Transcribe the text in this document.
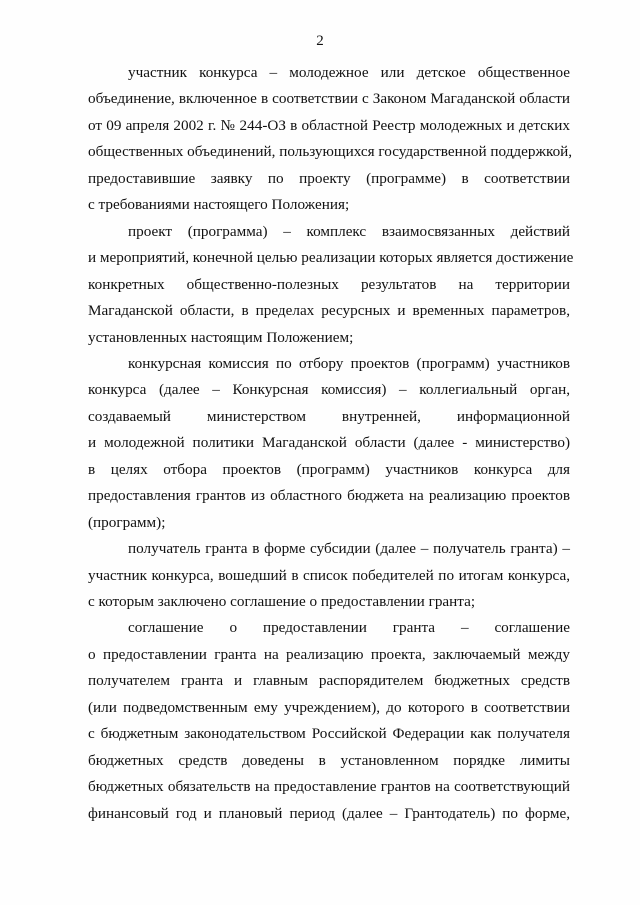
2
участник конкурса – молодежное или детское общественное
объединение, включенное в соответствии с Законом Магаданской области
от 09 апреля 2002 г. № 244-ОЗ в областной Реестр молодежных и детских
общественных объединений, пользующихся государственной поддержкой,
предоставившие заявку по проекту (программе) в соответствии
с требованиями настоящего Положения;
проект (программа) – комплекс взаимосвязанных действий
и мероприятий, конечной целью реализации которых является достижение
конкретных общественно-полезных результатов на территории
Магаданской области, в пределах ресурсных и временных параметров,
установленных настоящим Положением;
конкурсная комиссия по отбору проектов (программ) участников
конкурса (далее – Конкурсная комиссия) – коллегиальный орган,
создаваемый министерством внутренней, информационной
и молодежной политики Магаданской области (далее - министерство)
в целях отбора проектов (программ) участников конкурса для
предоставления грантов из областного бюджета на реализацию проектов
(программ);
получатель гранта в форме субсидии (далее – получатель гранта) –
участник конкурса, вошедший в список победителей по итогам конкурса,
с которым заключено соглашение о предоставлении гранта;
соглашение о предоставлении гранта – соглашение
о предоставлении гранта на реализацию проекта, заключаемый между
получателем гранта и главным распорядителем бюджетных средств
(или подведомственным ему учреждением), до которого в соответствии
с бюджетным законодательством Российской Федерации как получателя
бюджетных средств доведены в установленном порядке лимиты
бюджетных обязательств на предоставление грантов на соответствующий
финансовый год и плановый период (далее – Грантодатель) по форме,
